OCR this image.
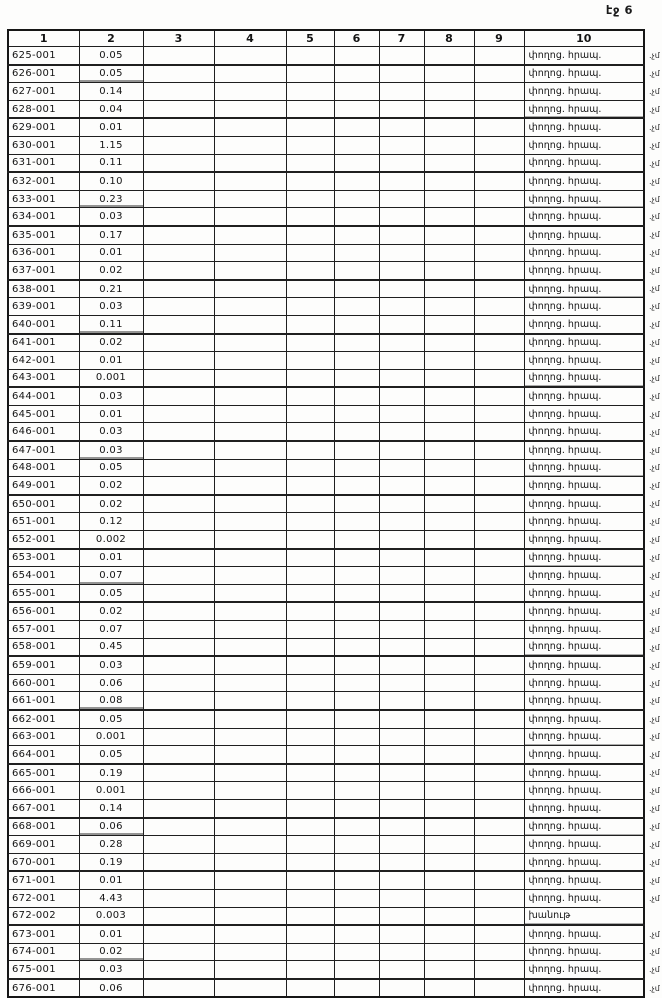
էջ 6
1	2	3	4	5	6	7	8	9	10	
625-001	0.05								փողոց. հրապ.	.չմ
626-001	0.05								փողոց. հրապ.	.չմ
627-001	0.14								փողոց. հրապ.	.չմ
628-001	0.04								փողոց. հրապ.	.չմ
629-001	0.01								փողոց. հրապ.	.չմ
630-001	1.15								փողոց. հրապ.	.չմ
631-001	0.11								փողոց. հրապ.	.չմ
632-001	0.10								փողոց. հրապ.	.չմ
633-001	0.23								փողոց. հրապ.	.չմ
634-001	0.03								փողոց. հրապ.	.չմ
635-001	0.17								փողոց. հրապ.	.չմ
636-001	0.01								փողոց. հրապ.	.չմ
637-001	0.02								փողոց. հրապ.	.չմ
638-001	0.21								փողոց. հրապ.	.չմ
639-001	0.03								փողոց. հրապ.	.չմ
640-001	0.11								փողոց. հրապ.	.չմ
641-001	0.02								փողոց. հրապ.	.չմ
642-001	0.01								փողոց. հրապ.	.չմ
643-001	0.001								փողոց. հրապ.	.չմ
644-001	0.03								փողոց. հրապ.	.չմ
645-001	0.01								փողոց. հրապ.	.չմ
646-001	0.03								փողոց. հրապ.	.չմ
647-001	0.03								փողոց. հրապ.	.չմ
648-001	0.05								փողոց. հրապ.	.չմ
649-001	0.02								փողոց. հրապ.	.չմ
650-001	0.02								փողոց. հրապ.	.չմ
651-001	0.12								փողոց. հրապ.	.չմ
652-001	0.002								փողոց. հրապ.	.չմ
653-001	0.01								փողոց. հրապ.	.չմ
654-001	0.07								փողոց. հրապ.	.չմ
655-001	0.05								փողոց. հրապ.	.չմ
656-001	0.02								փողոց. հրապ.	.չմ
657-001	0.07								փողոց. հրապ.	.չմ
658-001	0.45								փողոց. հրապ.	.չմ
659-001	0.03								փողոց. հրապ.	.չմ
660-001	0.06								փողոց. հրապ.	.չմ
661-001	0.08								փողոց. հրապ.	.չմ
662-001	0.05								փողոց. հրապ.	.չմ
663-001	0.001								փողոց. հրապ.	.չմ
664-001	0.05								փողոց. հրապ.	.չմ
665-001	0.19								փողոց. հրապ.	.չմ
666-001	0.001								փողոց. հրապ.	.չմ
667-001	0.14								փողոց. հրապ.	.չմ
668-001	0.06								փողոց. հրապ.	.չմ
669-001	0.28								փողոց. հրապ.	.չմ
670-001	0.19								փողոց. հրապ.	.չմ
671-001	0.01								փողոց. հրապ.	.չմ
672-001	4.43								փողոց. հրապ.	.չմ
672-002	0.003								խանութ	
673-001	0.01								փողոց. հրապ.	.չմ
674-001	0.02								փողոց. հրապ.	.չմ
675-001	0.03								փողոց. հրապ.	.չմ
676-001	0.06								փողոց. հրապ.	.չմ
